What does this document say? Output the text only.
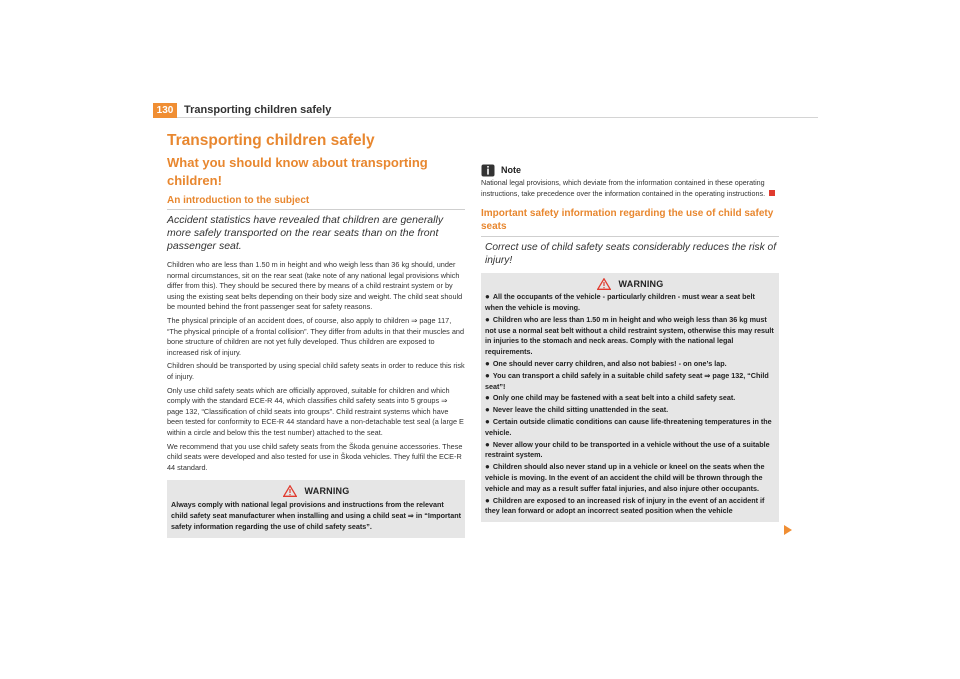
130 Transporting children safely
Transporting children safely
What you should know about transporting children!
An introduction to the subject

Accident statistics have revealed that children are generally more safely transported on the rear seats than on the front passenger seat.

Children who are less than 1.50 m in height and who weigh less than 36 kg should, under normal circumstances, sit on the rear seat (take note of any national legal provisions which differ from this). They should be secured there by means of a child restraint system or by using the existing seat belts depending on their body size and weight. The child seat should be mounted behind the front passenger seat for safety reasons.

The physical principle of an accident does, of course, also apply to children ⇒ page 117, “The physical principle of a frontal collision”. They differ from adults in that their muscles and bone structure of children are not yet fully developed. Thus children are exposed to increased risk of injury.

Children should be transported by using special child safety seats in order to reduce this risk of injury.

Only use child safety seats which are officially approved, suitable for children and which comply with the standard ECE-R 44, which classifies child safety seats into 5 groups ⇒ page 132, “Classification of child seats into groups”. Child restraint systems which have been tested for conformity to ECE-R 44 standard have a non-detachable test seal (a large E within a circle and below this the test number) attached to the seat.

We recommend that you use child safety seats from the Škoda genuine accessories. These child seats were developed and also tested for use in Škoda vehicles. They fulfil the ECE-R 44 standard.

WARNING
Always comply with national legal provisions and instructions from the relevant child safety seat manufacturer when installing and using a child seat ⇒ in “Important safety information regarding the use of child safety seats”.
Note
National legal provisions, which deviate from the information contained in these operating instructions, take precedence over the information contained in the operating instructions.
Important safety information regarding the use of child safety seats

Correct use of child safety seats considerably reduces the risk of injury!

WARNING
● All the occupants of the vehicle - particularly children - must wear a seat belt when the vehicle is moving.
● Children who are less than 1.50 m in height and who weigh less than 36 kg must not use a normal seat belt without a child restraint system, otherwise this may result in injuries to the stomach and neck areas. Comply with the national legal requirements.
● One should never carry children, and also not babies! - on one’s lap.
● You can transport a child safely in a suitable child safety seat ⇒ page 132, “Child seat”!
● Only one child may be fastened with a seat belt into a child safety seat.
● Never leave the child sitting unattended in the seat.
● Certain outside climatic conditions can cause life-threatening temperatures in the vehicle.
● Never allow your child to be transported in a vehicle without the use of a suitable restraint system.
● Children should also never stand up in a vehicle or kneel on the seats when the vehicle is moving. In the event of an accident the child will be thrown through the vehicle and may as a result suffer fatal injuries, and also injure other occupants.
● Children are exposed to an increased risk of injury in the event of an accident if they lean forward or adopt an incorrect seated position when the vehicle
